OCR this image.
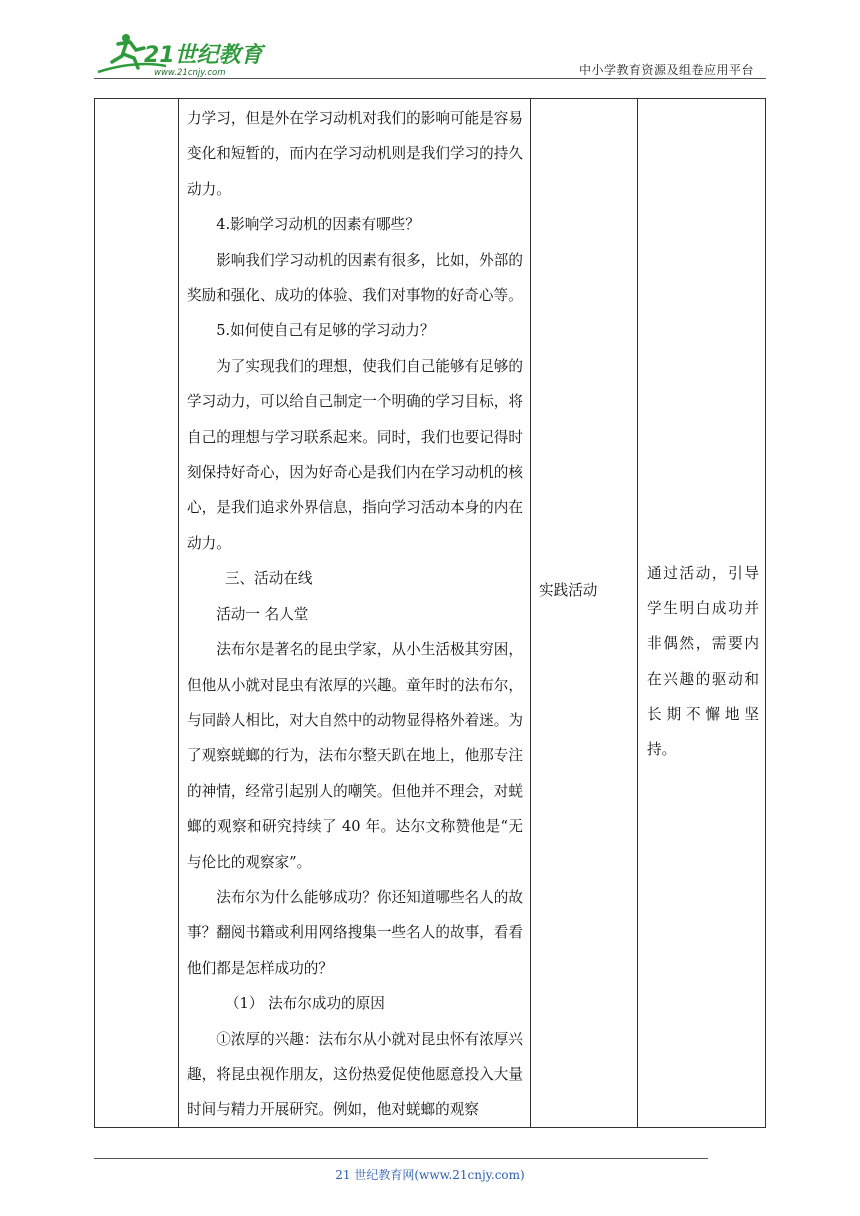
21世纪教育
www.21cnjy.com	中小学教育资源及组卷应用平台

力学习，但是外在学习动机对我们的影响可能是容易变化和短暂的，而内在学习动机则是我们学习的持久动力。

4.影响学习动机的因素有哪些？

影响我们学习动机的因素有很多，比如，外部的奖励和强化、成功的体验、我们对事物的好奇心等。

5.如何使自己有足够的学习动力？

为了实现我们的理想，使我们自己能够有足够的学习动力，可以给自己制定一个明确的学习目标，将自己的理想与学习联系起来。同时，我们也要记得时刻保持好奇心，因为好奇心是我们内在学习动机的核心，是我们追求外界信息，指向学习活动本身的内在动力。

三、活动在线

活动一 名人堂

法布尔是著名的昆虫学家，从小生活极其穷困，但他从小就对昆虫有浓厚的兴趣。童年时的法布尔，与同龄人相比，对大自然中的动物显得格外着迷。为了观察蜣螂的行为，法布尔整天趴在地上，他那专注的神情，经常引起别人的嘲笑。但他并不理会，对蜣螂的观察和研究持续了 40 年。达尔文称赞他是“无与伦比的观察家”。

法布尔为什么能够成功？你还知道哪些名人的故事？翻阅书籍或利用网络搜集一些名人的故事，看看他们都是怎样成功的？

（1） 法布尔成功的原因

①浓厚的兴趣：法布尔从小就对昆虫怀有浓厚兴趣，将昆虫视作朋友，这份热爱促使他愿意投入大量时间与精力开展研究。例如，他对蜣螂的观察

实践活动
通过活动，引导学生明白成功并非偶然，需要内在兴趣的驱动和长期不懈地坚持。
21 世纪教育网(www.21cnjy.com)
